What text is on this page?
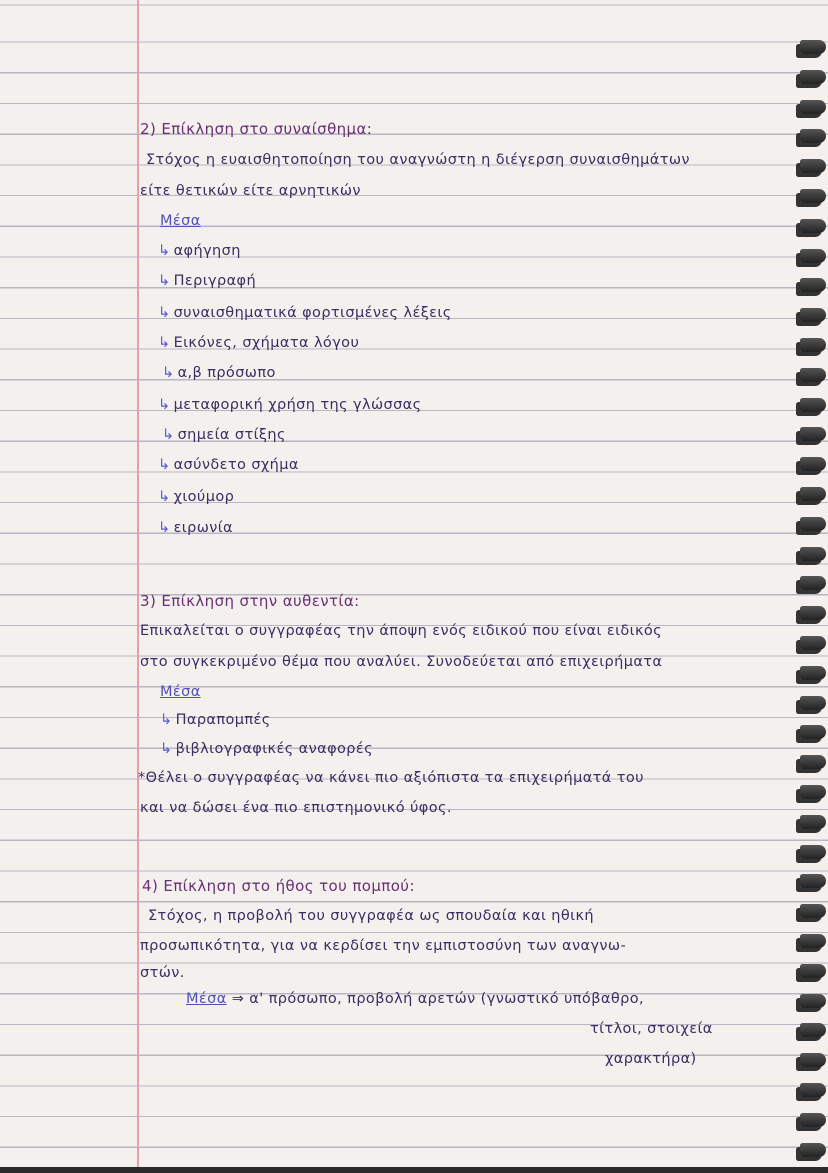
2) Επίκληση στο συναίσθημα:
Στόχος η ευαισθητοποίηση του αναγνώστη η διέγερση συναισθημάτων
είτε θετικών είτε αρνητικών
Μέσα
↳ αφήγηση
↳ Περιγραφή
↳ συναισθηματικά φορτισμένες λέξεις
↳ Εικόνες, σχήματα λόγου
↳ α,β πρόσωπο
↳ μεταφορική χρήση της γλώσσας
↳ σημεία στίξης
↳ ασύνδετο σχήμα
↳ χιούμορ
↳ ειρωνία
3) Επίκληση στην αυθεντία:
Επικαλείται ο συγγραφέας την άποψη ενός ειδικού που είναι ειδικός
στο συγκεκριμένο θέμα που αναλύει. Συνοδεύεται από επιχειρήματα
Μέσα
↳ Παραπομπές
↳ βιβλιογραφικές αναφορές
*Θέλει ο συγγραφέας να κάνει πιο αξιόπιστα τα επιχειρήματά του
και να δώσει ένα πιο επιστημονικό ύφος.
4) Επίκληση στο ήθος του πομπού:
Στόχος, η προβολή του συγγραφέα ως σπουδαία και ηθική
προσωπικότητα, για να κερδίσει την εμπιστοσύνη των αναγνω-
στών.
Μέσα ⇒ α' πρόσωπο, προβολή αρετών (γνωστικό υπόβαθρο,
τίτλοι, στοιχεία
χαρακτήρα)
